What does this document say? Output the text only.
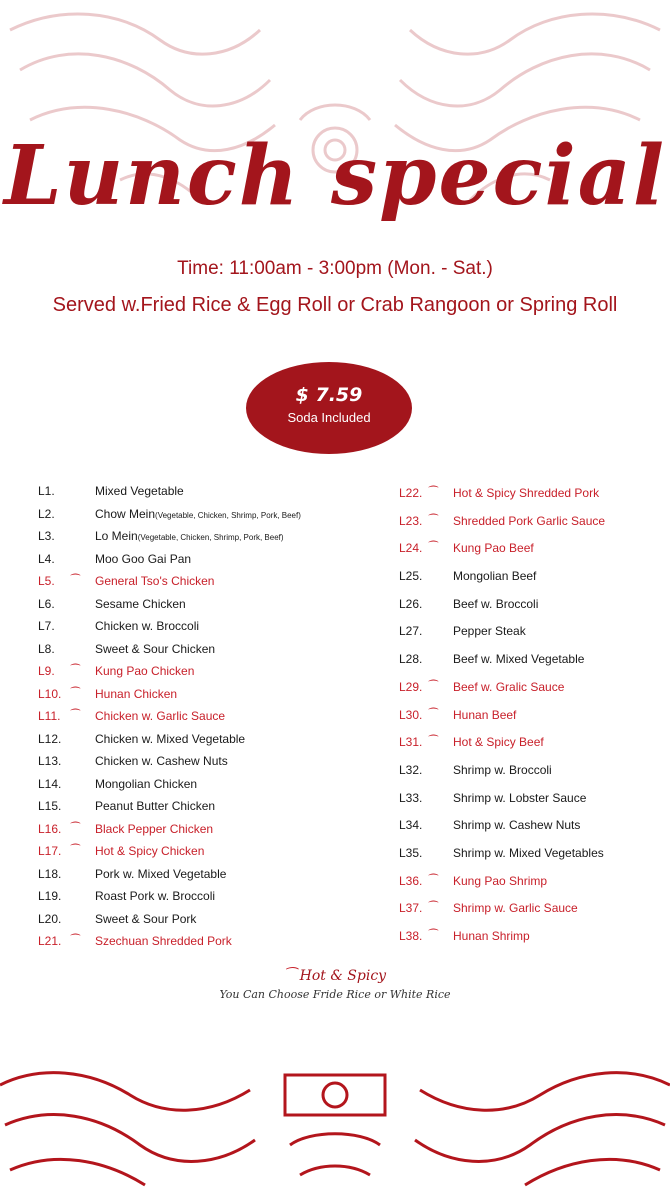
Lunch special
Time: 11:00am - 3:00pm (Mon. - Sat.)
Served w.Fried Rice & Egg Roll or Crab Rangoon or Spring Roll
$ 7.59
Soda Included
L1.	Mixed Vegetable
L2.	Chow Mein(Vegetable, Chicken, Shrimp, Pork, Beef)
L3.	Lo Mein(Vegetable, Chicken, Shrimp, Pork, Beef)
L4.	Moo Goo Gai Pan
L5. ⁀ General Tso's Chicken
L6.	Sesame Chicken
L7.	Chicken w. Broccoli
L8.	Sweet & Sour Chicken
L9. ⁀ Kung Pao Chicken
L10. ⁀ Hunan Chicken
L11. ⁀ Chicken w. Garlic Sauce
L12.	Chicken w. Mixed Vegetable
L13.	Chicken w. Cashew Nuts
L14.	Mongolian Chicken
L15.	Peanut Butter Chicken
L16. ⁀ Black Pepper Chicken
L17. ⁀ Hot & Spicy Chicken
L18.	Pork w. Mixed Vegetable
L19.	Roast Pork w. Broccoli
L20.	Sweet & Sour Pork
L21. ⁀ Szechuan Shredded Pork
L22. ⁀ Hot & Spicy Shredded Pork
L23. ⁀ Shredded Pork Garlic Sauce
L24. ⁀ Kung Pao Beef
L25.	Mongolian Beef
L26.	Beef w. Broccoli
L27.	Pepper Steak
L28.	Beef w. Mixed Vegetable
L29. ⁀ Beef w. Gralic Sauce
L30. ⁀ Hunan Beef
L31. ⁀ Hot & Spicy Beef
L32.	Shrimp w. Broccoli
L33.	Shrimp w. Lobster Sauce
L34.	Shrimp w. Cashew Nuts
L35.	Shrimp w. Mixed Vegetables
L36. ⁀ Kung Pao Shrimp
L37. ⁀ Shrimp w. Garlic Sauce
L38. ⁀ Hunan Shrimp
⁀ Hot & Spicy
You Can Choose Fride Rice or White Rice
